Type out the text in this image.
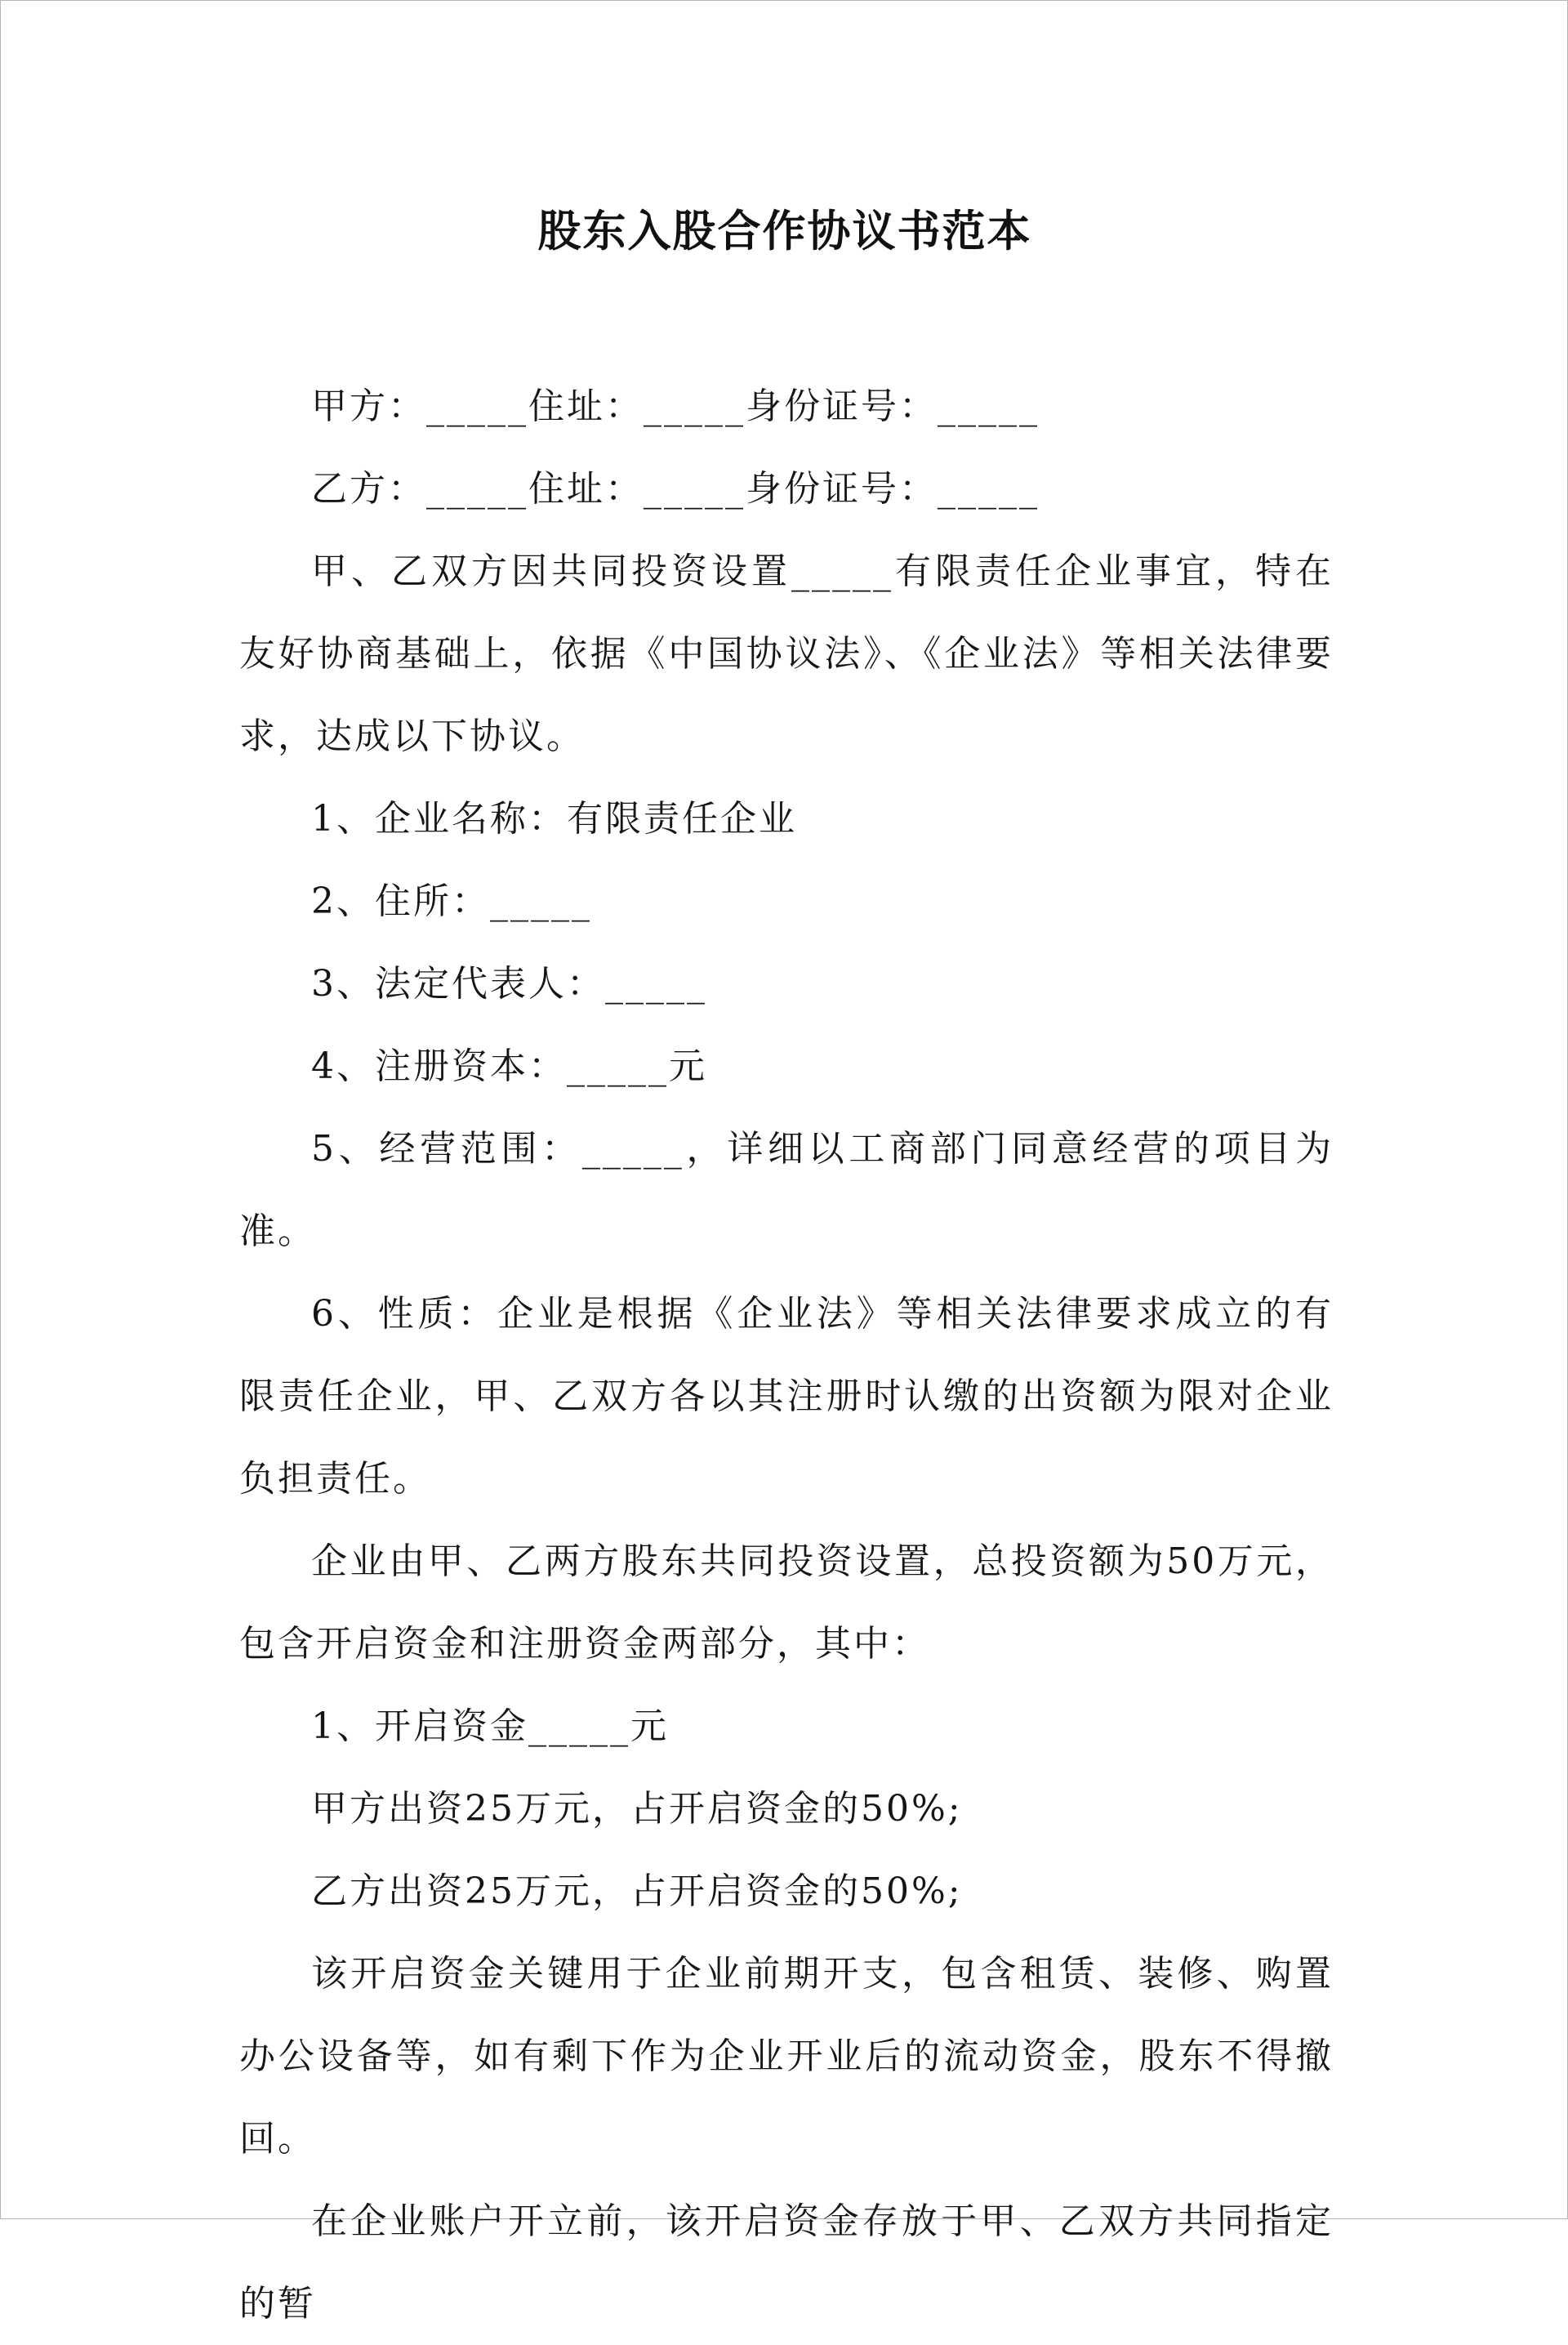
股东入股合作协议书范本

甲方：_____住址：_____身份证号：_____

乙方：_____住址：_____身份证号：_____

甲、乙双方因共同投资设置_____有限责任企业事宜，特在友好协商基础上，依据《中国协议法》、《企业法》等相关法律要求，达成以下协议。

1、企业名称：有限责任企业

2、住所：_____

3、法定代表人：_____

4、注册资本：_____元

5、经营范围：_____，详细以工商部门同意经营的项目为准。

6、性质：企业是根据《企业法》等相关法律要求成立的有限责任企业，甲、乙双方各以其注册时认缴的出资额为限对企业负担责任。

企业由甲、乙两方股东共同投资设置，总投资额为50万元，包含开启资金和注册资金两部分，其中：

1、开启资金_____元

甲方出资25万元，占开启资金的50%;

乙方出资25万元，占开启资金的50%;

该开启资金关键用于企业前期开支，包含租赁、装修、购置办公设备等，如有剩下作为企业开业后的流动资金，股东不得撤回。

在企业账户开立前，该开启资金存放于甲、乙双方共同指定的暂
